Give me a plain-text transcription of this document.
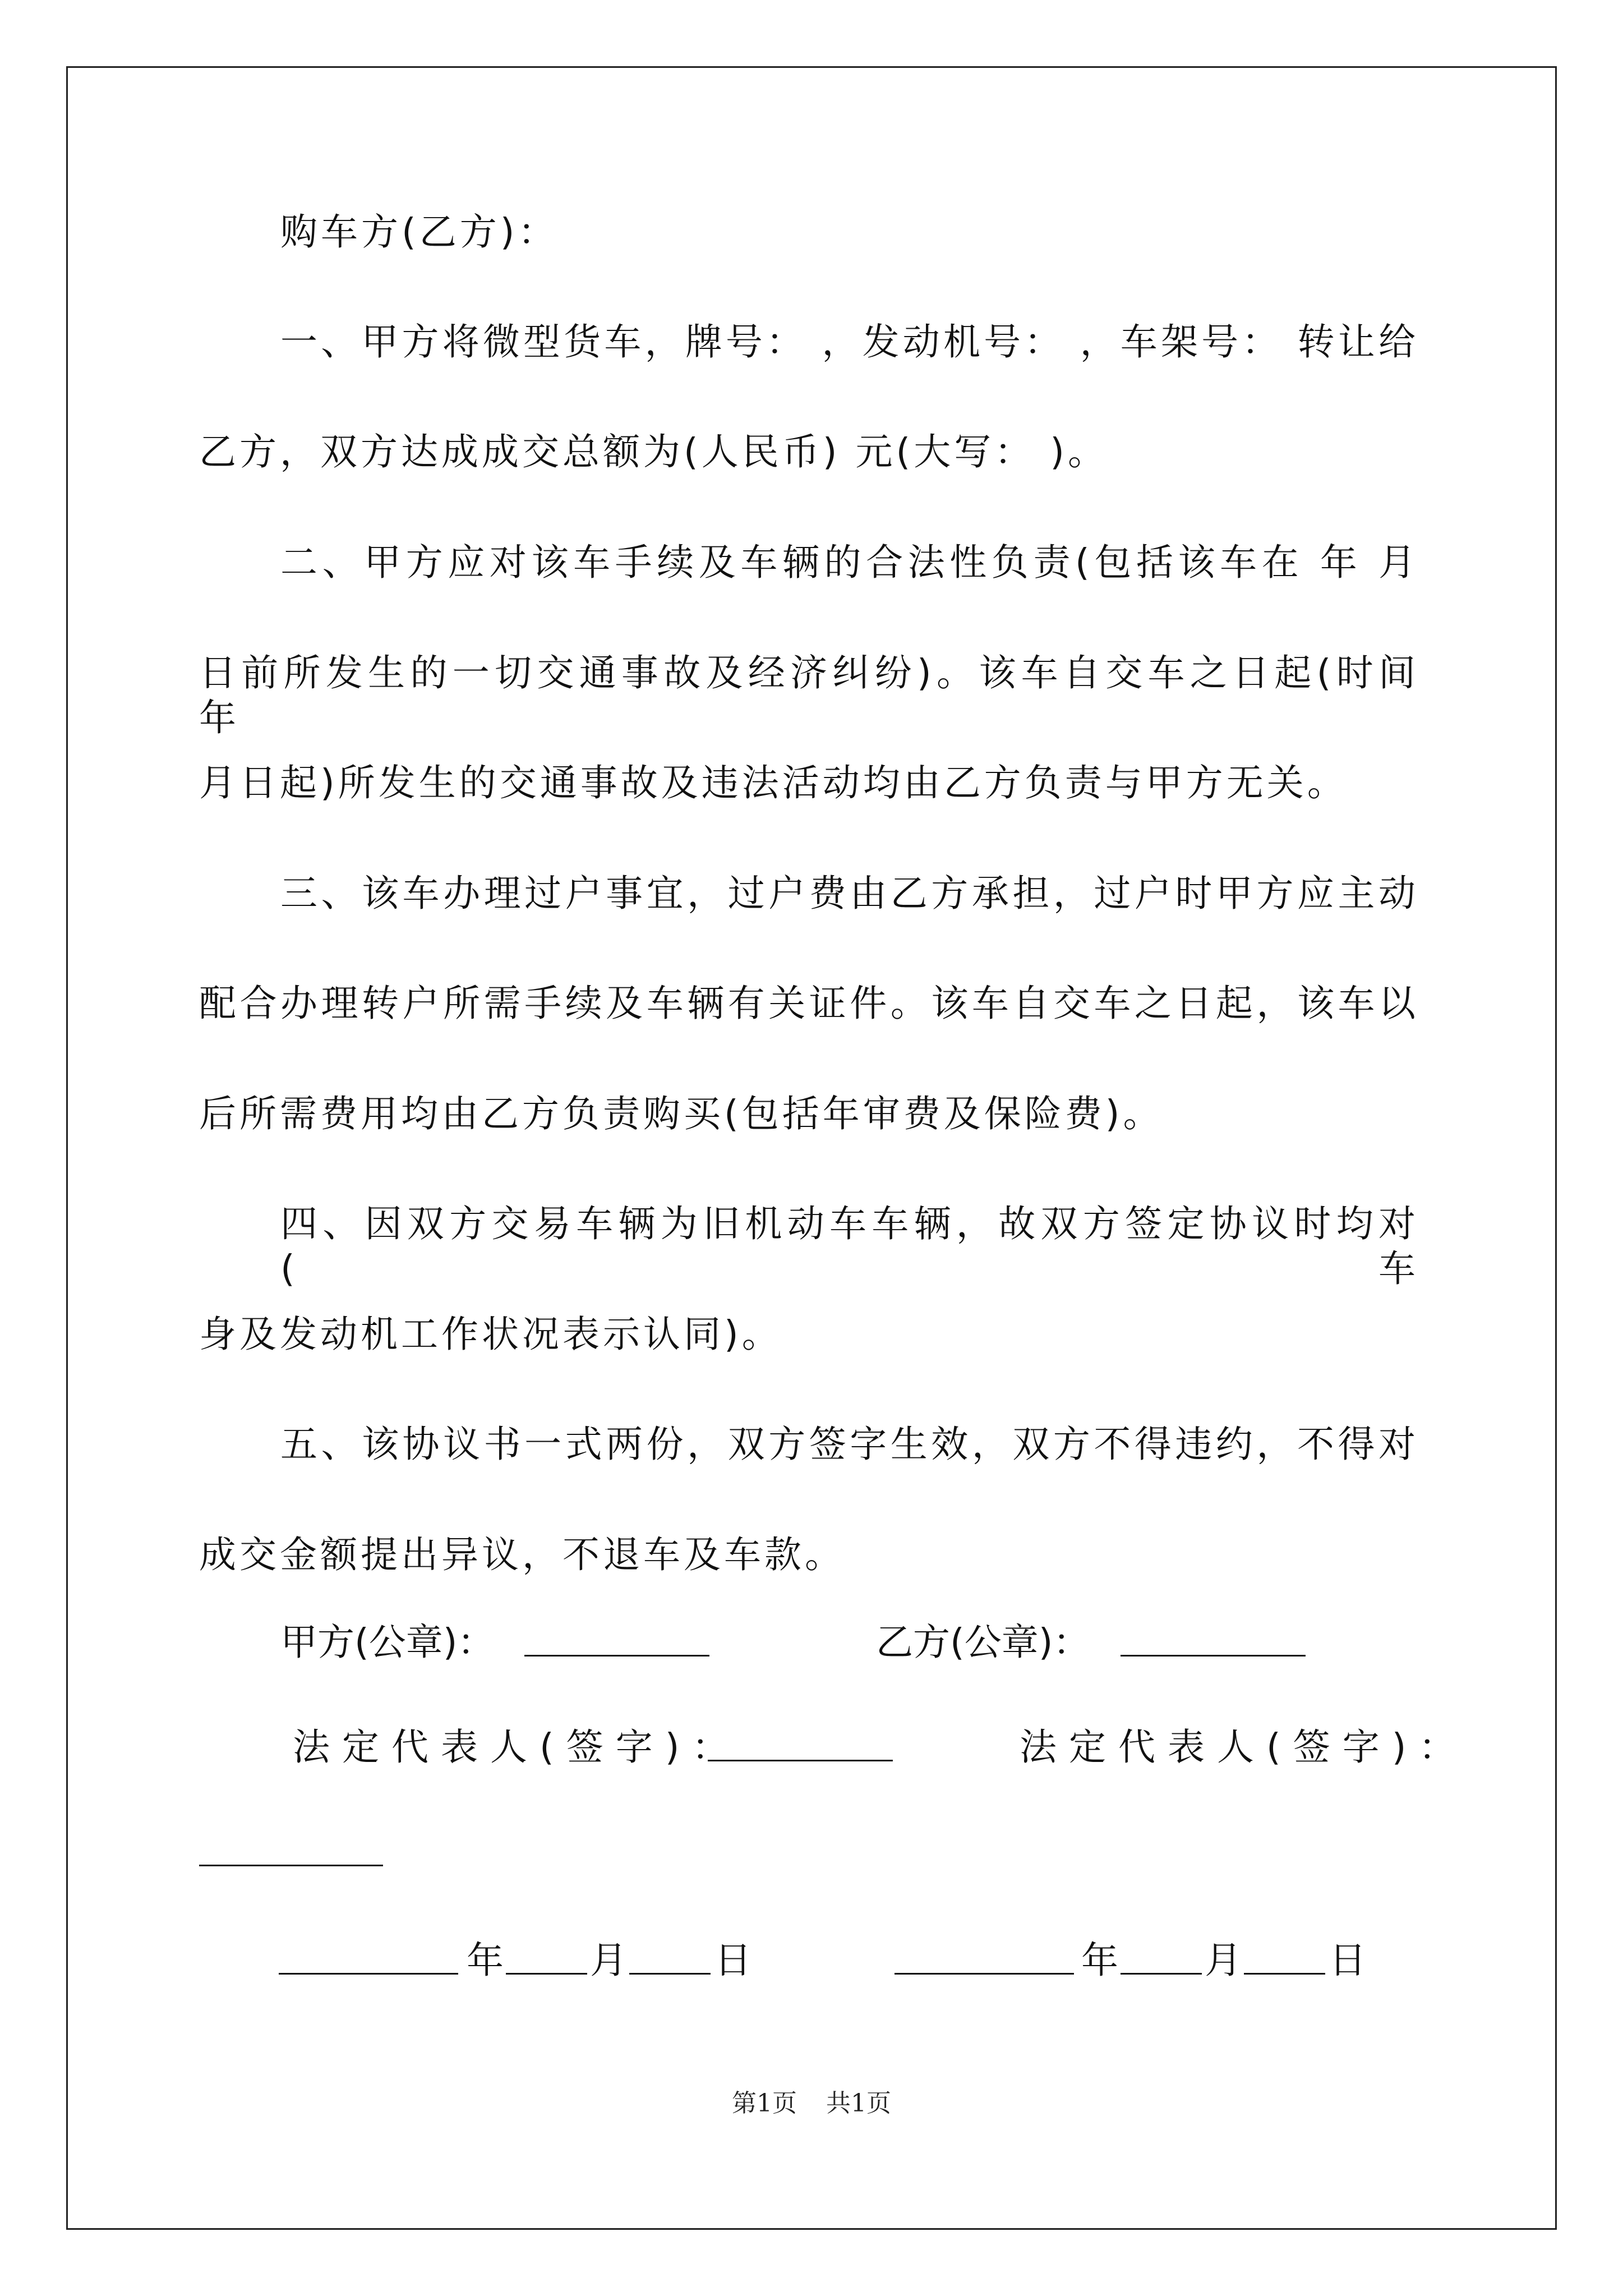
购车方(乙方)：
一、甲方将微型货车，牌号： ，发动机号： ，车架号： 转让给
乙方，双方达成成交总额为(人民币) 元(大写： )。
二、甲方应对该车手续及车辆的合法性负责(包括该车在 年 月
日前所发生的一切交通事故及经济纠纷)。该车自交车之日起(时间 年
月日起)所发生的交通事故及违法活动均由乙方负责与甲方无关。
三、该车办理过户事宜，过户费由乙方承担，过户时甲方应主动
配合办理转户所需手续及车辆有关证件。该车自交车之日起，该车以
后所需费用均由乙方负责购买(包括年审费及保险费)。
四、因双方交易车辆为旧机动车车辆，故双方签定协议时均对(车
身及发动机工作状况表示认同)。
五、该协议书一式两份，双方签字生效，双方不得违约，不得对
成交金额提出异议，不退车及车款。
甲方(公章)：	乙方(公章)：
法定代表人(签字)：	法定代表人(签字)：
年 月 日	年 月 日
第1页 共1页
